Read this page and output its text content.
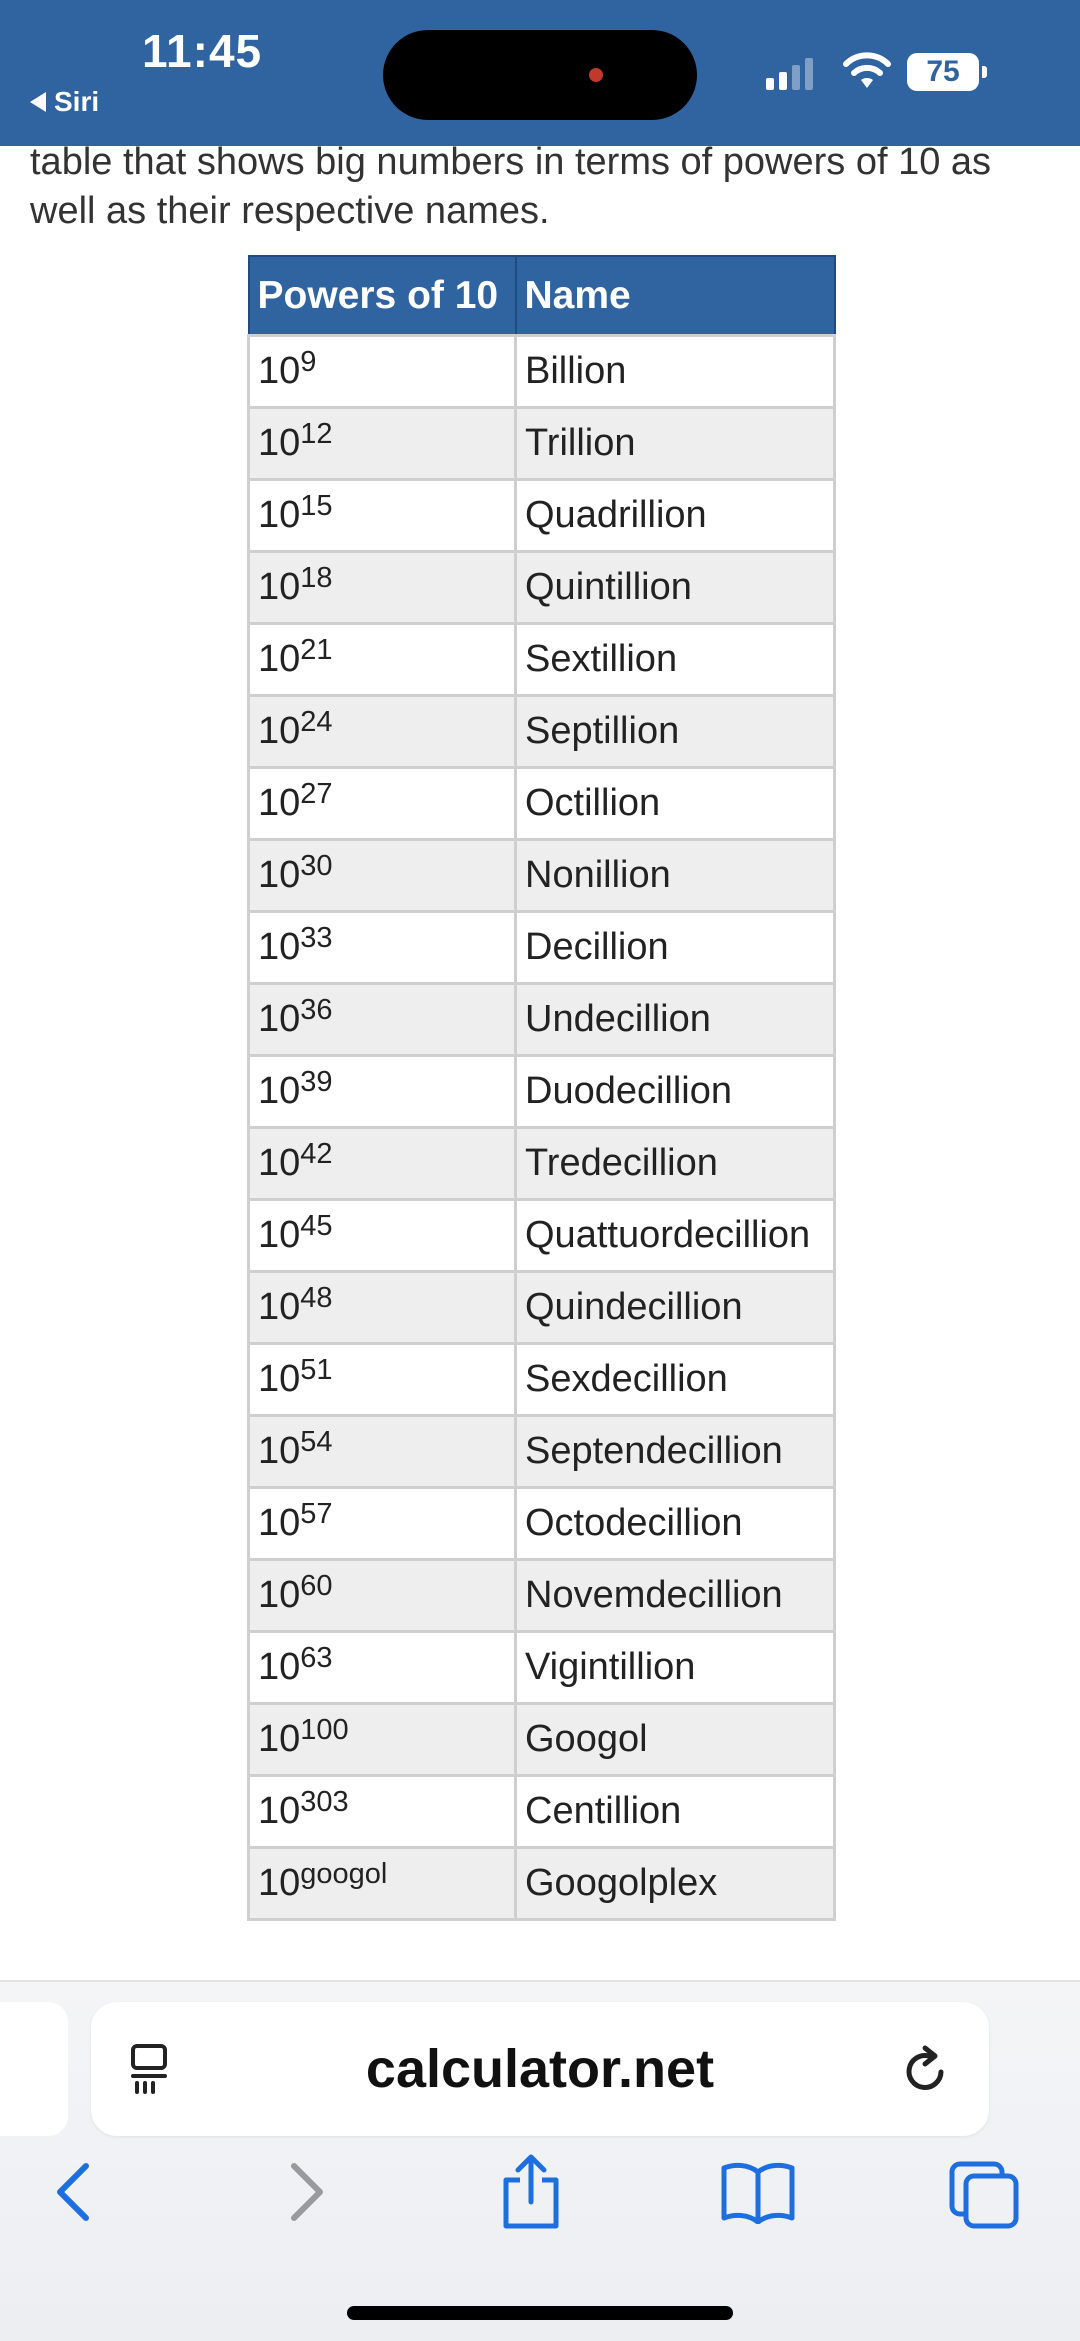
11:45
Siri
75
table that shows big numbers in terms of powers of 10 as well as their respective names.
Powers of 10	Name
$10^9$	Billion
$10^{12}$	Trillion
$10^{15}$	Quadrillion
$10^{18}$	Quintillion
$10^{21}$	Sextillion
$10^{24}$	Septillion
$10^{27}$	Octillion
$10^{30}$	Nonillion
$10^{33}$	Decillion
$10^{36}$	Undecillion
$10^{39}$	Duodecillion
$10^{42}$	Tredecillion
$10^{45}$	Quattuordecillion
$10^{48}$	Quindecillion
$10^{51}$	Sexdecillion
$10^{54}$	Septendecillion
$10^{57}$	Octodecillion
$10^{60}$	Novemdecillion
$10^{63}$	Vigintillion
$10^{100}$	Googol
$10^{303}$	Centillion
$10^{googol}$	Googolplex
calculator.net
